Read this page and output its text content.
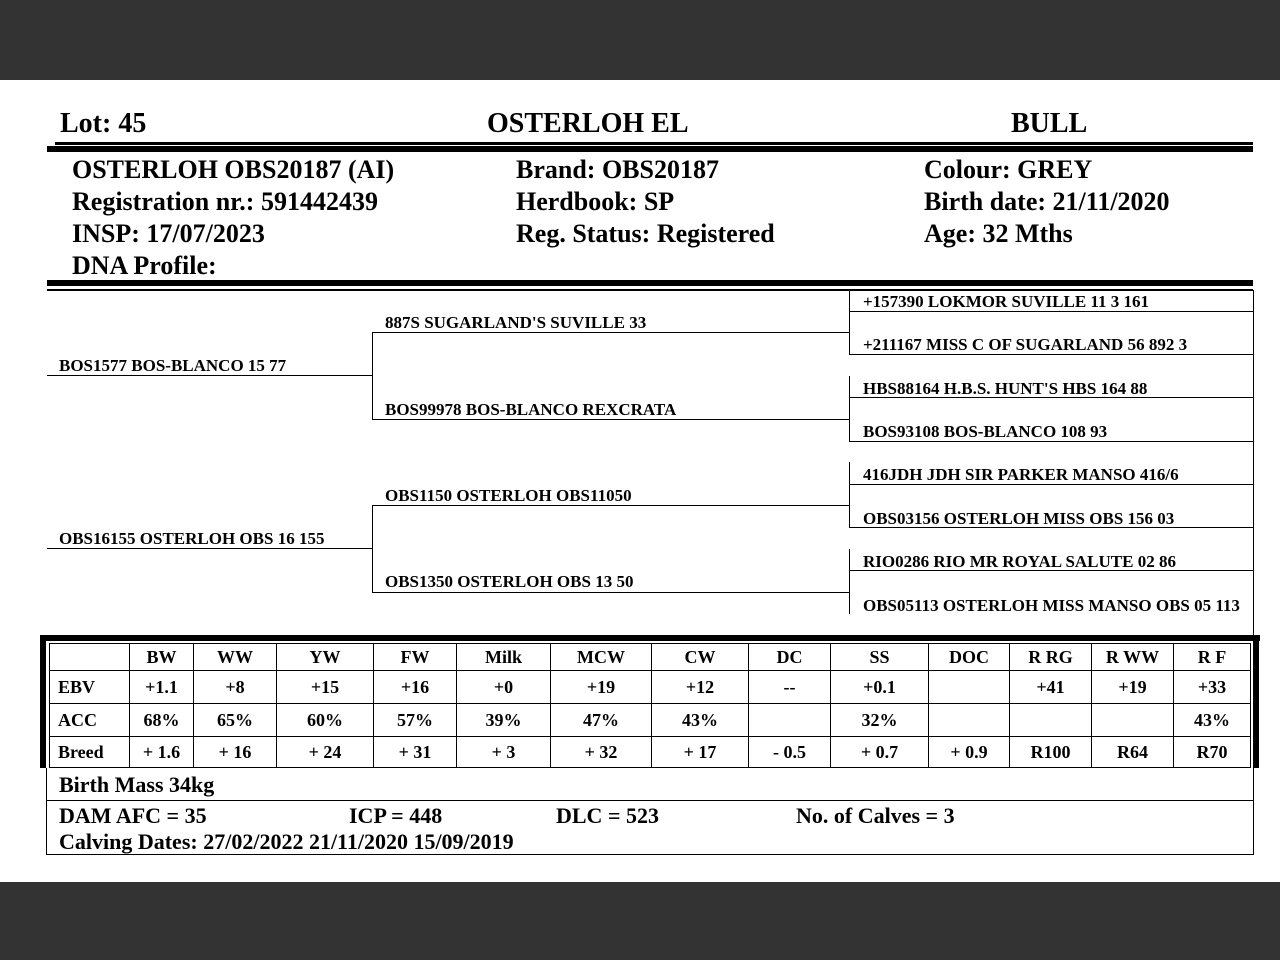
Lot: 45	OSTERLOH EL	BULL
OSTERLOH OBS20187 (AI)
Registration nr.: 591442439
INSP: 17/07/2023
DNA Profile:
Brand: OBS20187
Herdbook: SP
Reg. Status: Registered
Colour: GREY
Birth date: 21/11/2020
Age: 32 Mths
BOS1577 BOS-BLANCO 15 77
OBS16155 OSTERLOH OBS 16 155
887S SUGARLAND'S SUVILLE 33
BOS99978 BOS-BLANCO REXCRATA
OBS1150 OSTERLOH OBS11050
OBS1350 OSTERLOH OBS 13 50
+157390 LOKMOR SUVILLE 11 3 161
+211167 MISS C OF SUGARLAND 56 892 3
HBS88164 H.B.S. HUNT'S HBS 164 88
BOS93108 BOS-BLANCO 108 93
416JDH JDH SIR PARKER MANSO 416/6
OBS03156 OSTERLOH MISS OBS 156 03
RIO0286 RIO MR ROYAL SALUTE 02 86
OBS05113 OSTERLOH MISS MANSO OBS 05 113
	BW	WW	YW	FW	Milk	MCW	CW	DC	SS	DOC	R RG	R WW	R F
EBV	+1.1	+8	+15	+16	+0	+19	+12	--	+0.1		+41	+19	+33
ACC	68%	65%	60%	57%	39%	47%	43%		32%				43%
Breed	+ 1.6	+ 16	+ 24	+ 31	+ 3	+ 32	+ 17	- 0.5	+ 0.7	+ 0.9	R100	R64	R70
Birth Mass 34kg
DAM AFC = 35	ICP = 448	DLC = 523	No. of Calves = 3
Calving Dates: 27/02/2022 21/11/2020 15/09/2019
